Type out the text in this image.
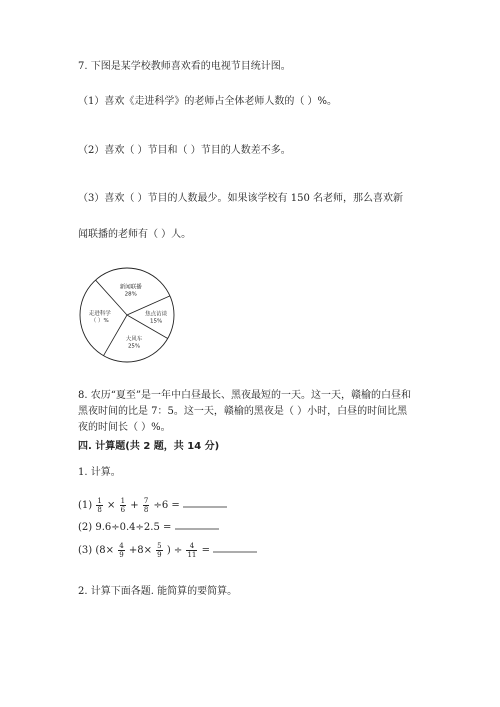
7. 下图是某学校教师喜欢看的电视节目统计图。
（1）喜欢《走进科学》的老师占全体老师人数的（ ）%。
（2）喜欢（ ）节目和（ ）节目的人数差不多。
（3）喜欢（ ）节目的人数最少。如果该学校有 150 名老师，那么喜欢新
闻联播的老师有（ ）人。
新闻联播
28%
焦点访谈
15%
大风车
25%
走进科学
（ ）%
8. 农历“夏至”是一年中白昼最长、黑夜最短的一天。这一天，赣榆的白昼和
黑夜时间的比是 7：5。这一天，赣榆的黑夜是（ ）小时，白昼的时间比黑
夜的时间长（ ）%。
四. 计算题(共 2 题，共 14 分)
1. 计算。
$(1) \frac{1}{8} \times \frac{1}{6} + \frac{7}{8} \div 6$ =
(2) 9.6÷0.4÷2.5 =
(3) ($8\times \frac{4}{9} +8\times \frac{5}{9}$ ) ÷ $\frac{4}{11}$ =
2. 计算下面各题. 能简算的要简算。
